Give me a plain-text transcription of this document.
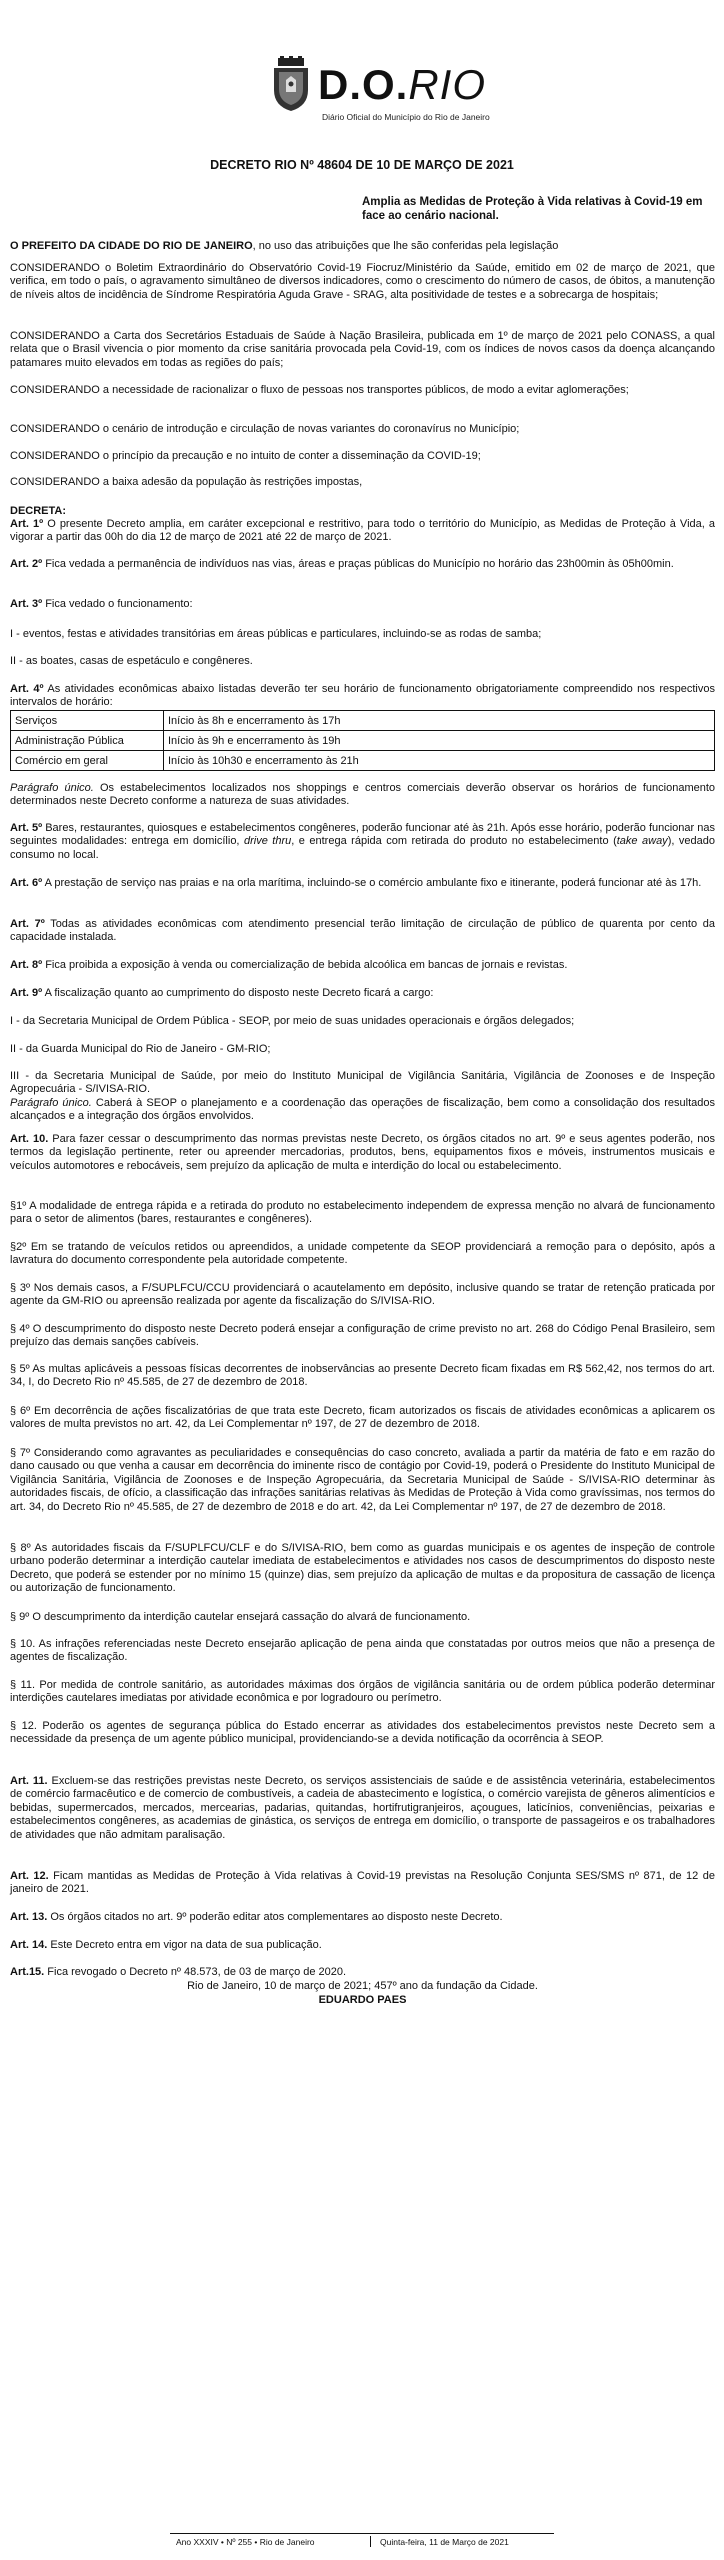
D.O.RIO
Diário Oficial do Município do Rio de Janeiro

DECRETO RIO Nº 48604 DE 10 DE MARÇO DE 2021

Amplia as Medidas de Proteção à Vida relativas à Covid-19 em face ao cenário nacional.

O PREFEITO DA CIDADE DO RIO DE JANEIRO, no uso das atribuições que lhe são conferidas pela legislação

CONSIDERANDO o Boletim Extraordinário do Observatório Covid-19 Fiocruz/Ministério da Saúde, emitido em 02 de março de 2021, que verifica, em todo o país, o agravamento simultâneo de diversos indicadores, como o crescimento do número de casos, de óbitos, a manutenção de níveis altos de incidência de Síndrome Respiratória Aguda Grave - SRAG, alta positividade de testes e a sobrecarga de hospitais;

CONSIDERANDO a Carta dos Secretários Estaduais de Saúde à Nação Brasileira, publicada em 1º de março de 2021 pelo CONASS, a qual relata que o Brasil vivencia o pior momento da crise sanitária provocada pela Covid-19, com os índices de novos casos da doença alcançando patamares muito elevados em todas as regiões do país;

CONSIDERANDO a necessidade de racionalizar o fluxo de pessoas nos transportes públicos, de modo a evitar aglomerações;

CONSIDERANDO o cenário de introdução e circulação de novas variantes do coronavírus no Município;

CONSIDERANDO o princípio da precaução e no intuito de conter a disseminação da COVID-19;

CONSIDERANDO a baixa adesão da população às restrições impostas,

DECRETA:

Art. 1º O presente Decreto amplia, em caráter excepcional e restritivo, para todo o território do Município, as Medidas de Proteção à Vida, a vigorar a partir das 00h do dia 12 de março de 2021 até 22 de março de 2021.

Art. 2º Fica vedada a permanência de indivíduos nas vias, áreas e praças públicas do Município no horário das 23h00min às 05h00min.

Art. 3º Fica vedado o funcionamento:

I - eventos, festas e atividades transitórias em áreas públicas e particulares, incluindo-se as rodas de samba;

II - as boates, casas de espetáculo e congêneres.

Art. 4º As atividades econômicas abaixo listadas deverão ter seu horário de funcionamento obrigatoriamente compreendido nos respectivos intervalos de horário:

Serviços	Início às 8h e encerramento às 17h
Administração Pública	Início às 9h e encerramento às 19h
Comércio em geral	Início às 10h30 e encerramento às 21h

Parágrafo único. Os estabelecimentos localizados nos shoppings e centros comerciais deverão observar os horários de funcionamento determinados neste Decreto conforme a natureza de suas atividades.

Art. 5º Bares, restaurantes, quiosques e estabelecimentos congêneres, poderão funcionar até às 21h. Após esse horário, poderão funcionar nas seguintes modalidades: entrega em domicílio, drive thru, e entrega rápida com retirada do produto no estabelecimento (take away), vedado consumo no local.

Art. 6º A prestação de serviço nas praias e na orla marítima, incluindo-se o comércio ambulante fixo e itinerante, poderá funcionar até às 17h.

Art. 7º Todas as atividades econômicas com atendimento presencial terão limitação de circulação de público de quarenta por cento da capacidade instalada.

Art. 8º Fica proibida a exposição à venda ou comercialização de bebida alcoólica em bancas de jornais e revistas.

Art. 9º A fiscalização quanto ao cumprimento do disposto neste Decreto ficará a cargo:

I - da Secretaria Municipal de Ordem Pública - SEOP, por meio de suas unidades operacionais e órgãos delegados;

II - da Guarda Municipal do Rio de Janeiro - GM-RIO;

III - da Secretaria Municipal de Saúde, por meio do Instituto Municipal de Vigilância Sanitária, Vigilância de Zoonoses e de Inspeção Agropecuária - S/IVISA-RIO.

Parágrafo único. Caberá à SEOP o planejamento e a coordenação das operações de fiscalização, bem como a consolidação dos resultados alcançados e a integração dos órgãos envolvidos.

Art. 10. Para fazer cessar o descumprimento das normas previstas neste Decreto, os órgãos citados no art. 9º e seus agentes poderão, nos termos da legislação pertinente, reter ou apreender mercadorias, produtos, bens, equipamentos fixos e móveis, instrumentos musicais e veículos automotores e rebocáveis, sem prejuízo da aplicação de multa e interdição do local ou estabelecimento.

§1º A modalidade de entrega rápida e a retirada do produto no estabelecimento independem de expressa menção no alvará de funcionamento para o setor de alimentos (bares, restaurantes e congêneres).

§2º Em se tratando de veículos retidos ou apreendidos, a unidade competente da SEOP providenciará a remoção para o depósito, após a lavratura do documento correspondente pela autoridade competente.

§ 3º Nos demais casos, a F/SUPLFCU/CCU providenciará o acautelamento em depósito, inclusive quando se tratar de retenção praticada por agente da GM-RIO ou apreensão realizada por agente da fiscalização do S/IVISA-RIO.

§ 4º O descumprimento do disposto neste Decreto poderá ensejar a configuração de crime previsto no art. 268 do Código Penal Brasileiro, sem prejuízo das demais sanções cabíveis.

§ 5º As multas aplicáveis a pessoas físicas decorrentes de inobservâncias ao presente Decreto ficam fixadas em R$ 562,42, nos termos do art. 34, I, do Decreto Rio nº 45.585, de 27 de dezembro de 2018.

§ 6º Em decorrência de ações fiscalizatórias de que trata este Decreto, ficam autorizados os fiscais de atividades econômicas a aplicarem os valores de multa previstos no art. 42, da Lei Complementar nº 197, de 27 de dezembro de 2018.

§ 7º Considerando como agravantes as peculiaridades e consequências do caso concreto, avaliada a partir da matéria de fato e em razão do dano causado ou que venha a causar em decorrência do iminente risco de contágio por Covid-19, poderá o Presidente do Instituto Municipal de Vigilância Sanitária, Vigilância de Zoonoses e de Inspeção Agropecuária, da Secretaria Municipal de Saúde - S/IVISA-RIO determinar às autoridades fiscais, de ofício, a classificação das infrações sanitárias relativas às Medidas de Proteção à Vida como gravíssimas, nos termos do art. 34, do Decreto Rio nº 45.585, de 27 de dezembro de 2018 e do art. 42, da Lei Complementar nº 197, de 27 de dezembro de 2018.

§ 8º As autoridades fiscais da F/SUPLFCU/CLF e do S/IVISA-RIO, bem como as guardas municipais e os agentes de inspeção de controle urbano poderão determinar a interdição cautelar imediata de estabelecimentos e atividades nos casos de descumprimentos do disposto neste Decreto, que poderá se estender por no mínimo 15 (quinze) dias, sem prejuízo da aplicação de multas e da propositura de cassação de licença ou autorização de funcionamento.

§ 9º O descumprimento da interdição cautelar ensejará cassação do alvará de funcionamento.

§ 10. As infrações referenciadas neste Decreto ensejarão aplicação de pena ainda que constatadas por outros meios que não a presença de agentes de fiscalização.

§ 11. Por medida de controle sanitário, as autoridades máximas dos órgãos de vigilância sanitária ou de ordem pública poderão determinar interdições cautelares imediatas por atividade econômica e por logradouro ou perímetro.

§ 12. Poderão os agentes de segurança pública do Estado encerrar as atividades dos estabelecimentos previstos neste Decreto sem a necessidade da presença de um agente público municipal, providenciando-se a devida notificação da ocorrência à SEOP.

Art. 11. Excluem-se das restrições previstas neste Decreto, os serviços assistenciais de saúde e de assistência veterinária, estabelecimentos de comércio farmacêutico e de comercio de combustíveis, a cadeia de abastecimento e logística, o comércio varejista de gêneros alimentícios e bebidas, supermercados, mercados, mercearias, padarias, quitandas, hortifrutigranjeiros, açougues, laticínios, conveniências, peixarias e estabelecimentos congêneres, as academias de ginástica, os serviços de entrega em domicílio, o transporte de passageiros e os trabalhadores de atividades que não admitam paralisação.

Art. 12. Ficam mantidas as Medidas de Proteção à Vida relativas à Covid-19 previstas na Resolução Conjunta SES/SMS nº 871, de 12 de janeiro de 2021.

Art. 13. Os órgãos citados no art. 9º poderão editar atos complementares ao disposto neste Decreto.

Art. 14. Este Decreto entra em vigor na data de sua publicação.

Art.15. Fica revogado o Decreto nº 48.573, de 03 de março de 2020.

Rio de Janeiro, 10 de março de 2021; 457º ano da fundação da Cidade.

EDUARDO PAES

Ano XXXIV • Nº 255 • Rio de Janeiro	Quinta-feira, 11 de Março de 2021
